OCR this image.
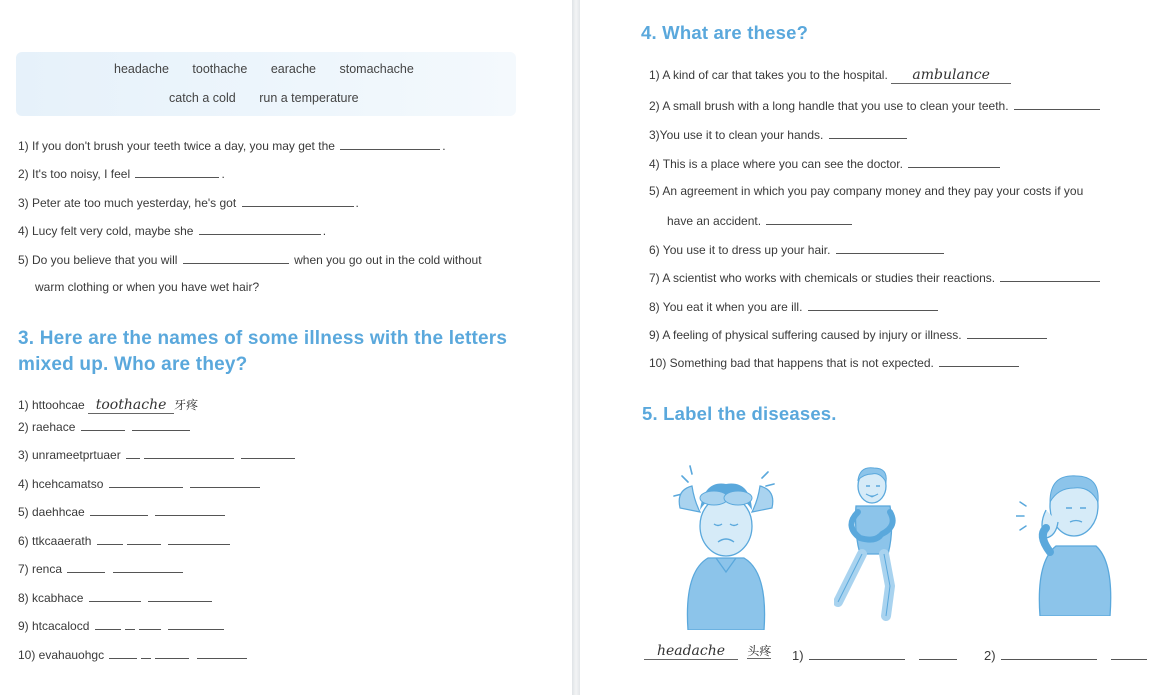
headache toothache earache stomachache
catch a cold run a temperature
1) If you don't brush your teeth twice a day, you may get the	.
2) It's too noisy, I feel	.
3) Peter ate too much yesterday, he's got	.
4) Lucy felt very cold, maybe she	.
5) Do you believe that you will	when you go out in the cold without
warm clothing or when you have wet hair?
3. Here are the names of some illness with the letters
mixed up. Who are they?
1) httoohcae toothache 牙疼
2) raehace
3) unrameetprtuaer
4) hcehcamatso
5) daehhcae
6) ttkcaaerath
7) renca
8) kcabhace
9) htcacalocd
10) evahauohgc
4. What are these?
1) A kind of car that takes you to the hospital. ambulance
2) A small brush with a long handle that you use to clean your teeth.
3)You use it to clean your hands.
4) This is a place where you can see the doctor.
5) An agreement in which you pay company money and they pay your costs if you
have an accident.
6) You use it to dress up your hair.
7) A scientist who works with chemicals or studies their reactions.
8) You eat it when you are ill.
9) A feeling of physical suffering caused by injury or illness.
10) Something bad that happens that is not expected.
5. Label the diseases.
headache 头疼 1)	2)
